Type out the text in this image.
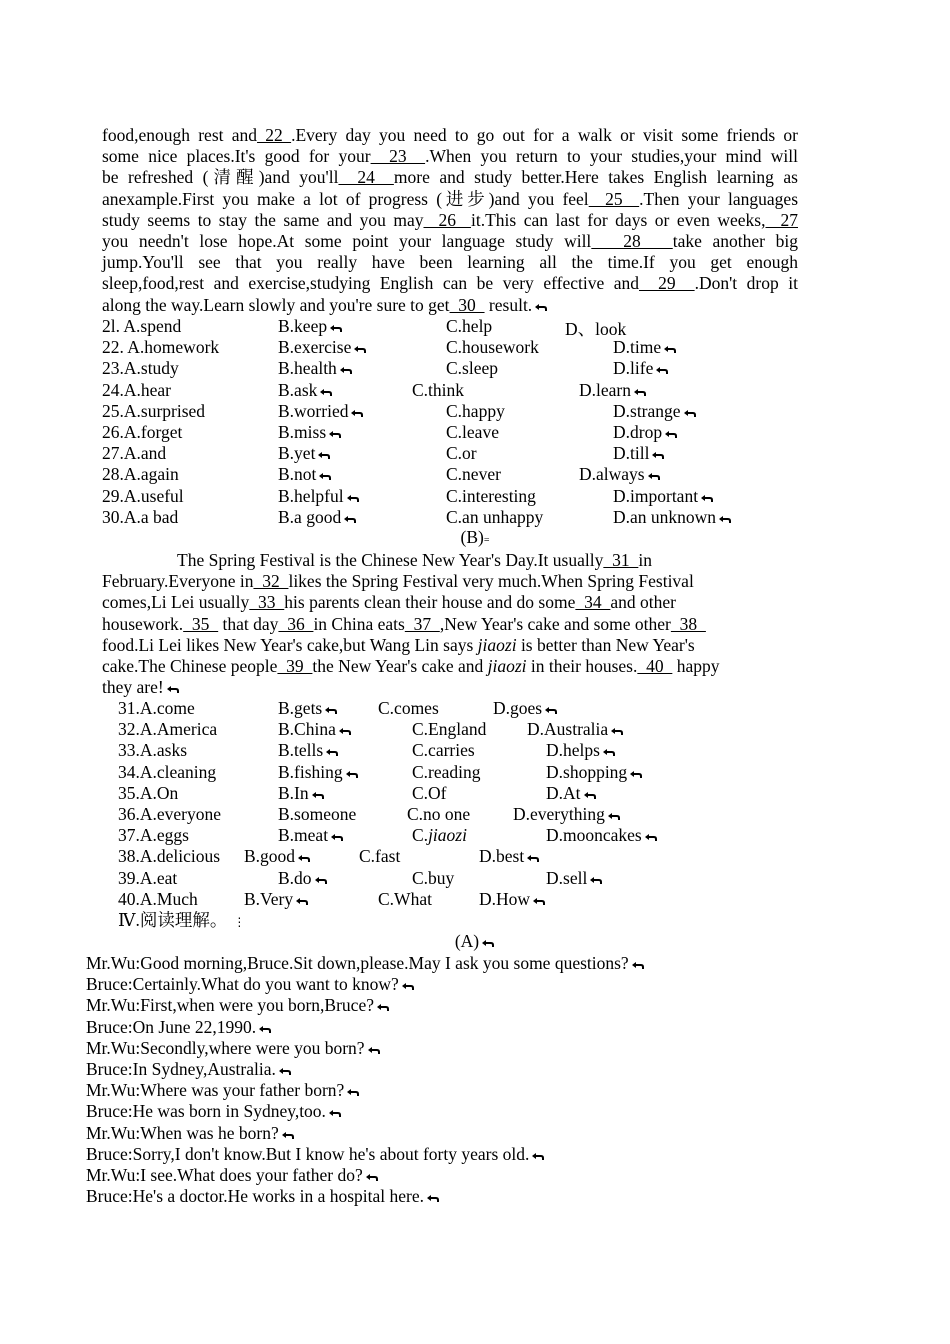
food,enough rest and 22 .Every day you need to go out for a walk or visit some friends or
some nice places.It's good for your  23  .When you return to your studies,your mind will
be refreshed (清醒)and you'll  24  more and study better.Here takes English learning as
anexample.First you make a lot of progress (进步)and you feel  25  .Then your languages
study seems to stay the same and you may  26  it.This can last for days or even weeks,  27
you needn't lose hope.At some point your language study will   28   take another big
jump.You'll see that you really have been learning all the time.If you get enough
sleep,food,rest and exercise,studying English can be very effective and  29  .Don't drop it
along the way.Learn slowly and you're sure to get  30   result.
2l. A.spend	B.keep	C.help	D、look
22. A.homework	B.exercise	C.housework	D.time
23.A.study	B.health	C.sleep	D.life
24.A.hear	B.ask	C.think	D.learn
25.A.surprised	B.worried	C.happy	D.strange
26.A.forget	B.miss	C.leave	D.drop
27.A.and	B.yet	C.or	D.till
28.A.again	B.not	C.never	D.always
29.A.useful	B.helpful	C.interesting	D.important
30.A.a bad	B.a good	C.an unhappy	D.an unknown
(B)=
The Spring Festival is the Chinese New Year's Day.It usually  31  in
February.Everyone in  32  likes the Spring Festival very much.When Spring Festival
comes,Li Lei usually  33  his parents clean their house and do some  34  and other
housework.  35   that day  36  in China eats  37  ,New Year's cake and some other  38
food.Li Lei likes New Year's cake,but Wang Lin says jiaozi is better than New Year's
cake.The Chinese people  39  the New Year's cake and jiaozi in their houses.  40   happy
they are!
31.A.come	B.gets	C.comes	D.goes
32.A.America	B.China	C.England D.Australia
33.A.asks	B.tells	C.carries	D.helps
34.A.cleaning	B.fishing	C.reading	D.shopping
35.A.On	B.In	C.Of	D.At
36.A.everyone	B.someone	C.no one D.everything
37.A.eggs	B.meat	C.jiaozi	D.mooncakes
38.A.delicious B.good	C.fast	D.best
39.A.eat	B.do	C.buy	D.sell
40.A.Much	B.Very	C.What	D.How
Ⅳ.阅读理解。 ⋮
(A)
Mr.Wu:Good morning,Bruce.Sit down,please.May I ask you some questions?
Bruce:Certainly.What do you want to know?
Mr.Wu:First,when were you born,Bruce?
Bruce:On June 22,1990.
Mr.Wu:Secondly,where were you born?
Bruce:In Sydney,Australia.
Mr.Wu:Where was your father born?
Bruce:He was born in Sydney,too.
Mr.Wu:When was he born?
Bruce:Sorry,I don't know.But I know he's about forty years old.
Mr.Wu:I see.What does your father do?
Bruce:He's a doctor.He works in a hospital here.
